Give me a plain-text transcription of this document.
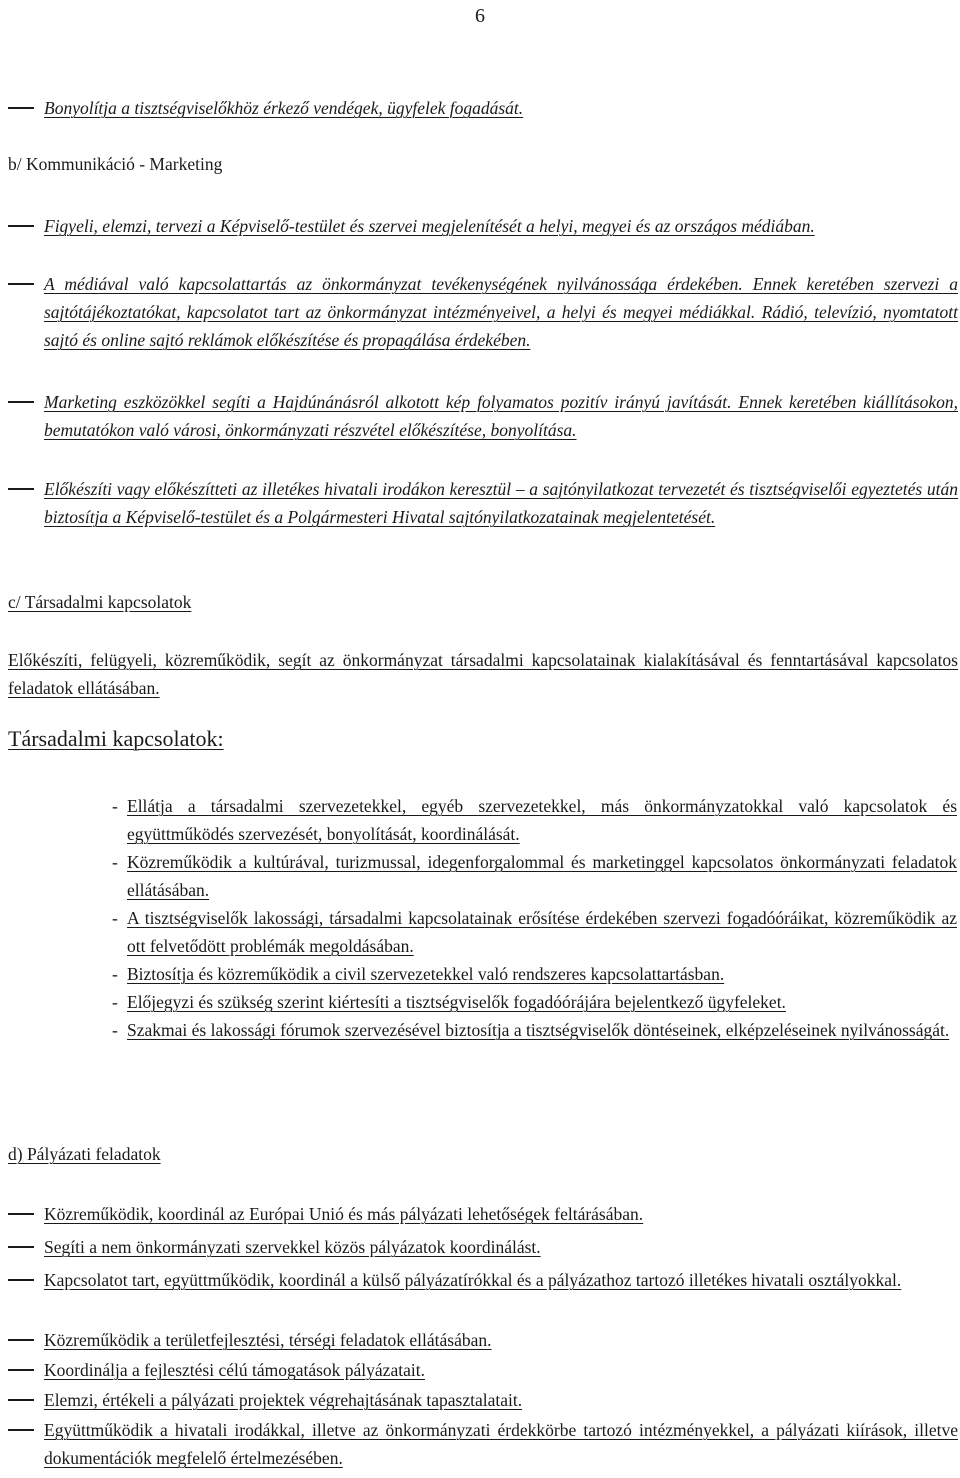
6
Bonyolítja a tisztségviselőkhöz érkező vendégek, ügyfelek fogadását.
b/ Kommunikáció - Marketing
Figyeli, elemzi, tervezi a Képviselő-testület és szervei megjelenítését a helyi, megyei és az országos médiában.
A médiával való kapcsolattartás az önkormányzat tevékenységének nyilvánossága érdekében. Ennek keretében szervezi a sajtótájékoztatókat, kapcsolatot tart az önkormányzat intézményeivel, a helyi és megyei médiákkal. Rádió, televízió, nyomtatott sajtó és online sajtó reklámok előkészítése és propagálása érdekében.
Marketing eszközökkel segíti a Hajdúnánásról alkotott kép folyamatos pozitív irányú javítását. Ennek keretében kiállításokon, bemutatókon való városi, önkormányzati részvétel előkészítése, bonyolítása.
Előkészíti vagy előkészítteti az illetékes hivatali irodákon keresztül – a sajtónyilatkozat tervezetét és tisztségviselői egyeztetés után biztosítja a Képviselő-testület és a Polgármesteri Hivatal sajtónyilatkozatainak megjelentetését.
c/ Társadalmi kapcsolatok
Előkészíti, felügyeli, közreműködik, segít az önkormányzat társadalmi kapcsolatainak kialakításával és fenntartásával kapcsolatos feladatok ellátásában.
Társadalmi kapcsolatok:
- Ellátja a társadalmi szervezetekkel, egyéb szervezetekkel, más önkormányzatokkal való kapcsolatok és együttműködés szervezését, bonyolítását, koordinálását.
- Közreműködik a kultúrával, turizmussal, idegenforgalommal és marketinggel kapcsolatos önkormányzati feladatok ellátásában.
- A tisztségviselők lakossági, társadalmi kapcsolatainak erősítése érdekében szervezi fogadóóráikat, közreműködik az ott felvetődött problémák megoldásában.
- Biztosítja és közreműködik a civil szervezetekkel való rendszeres kapcsolattartásban.
- Előjegyzi és szükség szerint kiértesíti a tisztségviselők fogadóórájára bejelentkező ügyfeleket.
- Szakmai és lakossági fórumok szervezésével biztosítja a tisztségviselők döntéseinek, elképzeléseinek nyilvánosságát.
d) Pályázati feladatok
Közreműködik, koordinál az Európai Unió és más pályázati lehetőségek feltárásában.
Segíti a nem önkormányzati szervekkel közös pályázatok koordinálást.
Kapcsolatot tart, együttműködik, koordinál a külső pályázatírókkal és a pályázathoz tartozó illetékes hivatali osztályokkal.
Közreműködik a területfejlesztési, térségi feladatok ellátásában.
Koordinálja a fejlesztési célú támogatások pályázatait.
Elemzi, értékeli a pályázati projektek végrehajtásának tapasztalatait.
Együttműködik a hivatali irodákkal, illetve az önkormányzati érdekkörbe tartozó intézményekkel, a pályázati kiírások, illetve dokumentációk megfelelő értelmezésében.
